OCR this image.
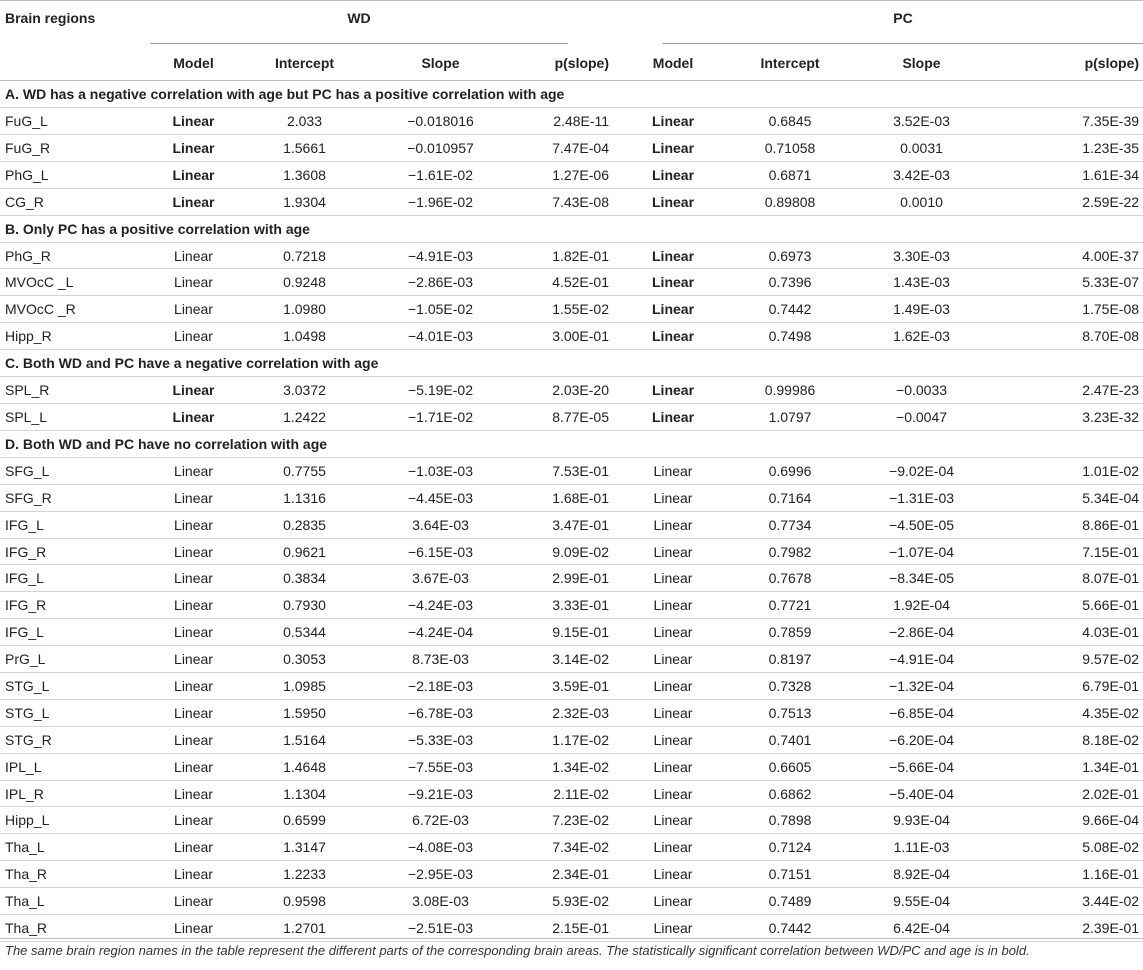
Brain regions	WD				PC			

	Model	Intercept	Slope	p(slope)	Model	Intercept	Slope	p(slope)
A. WD has a negative correlation with age but PC has a positive correlation with age								
FuG_L	Linear	2.033	−0.018016	2.48E-11	Linear	0.6845	3.52E-03	7.35E-39
FuG_R	Linear	1.5661	−0.010957	7.47E-04	Linear	0.71058	0.0031	1.23E-35
PhG_L	Linear	1.3608	−1.61E-02	1.27E-06	Linear	0.6871	3.42E-03	1.61E-34
CG_R	Linear	1.9304	−1.96E-02	7.43E-08	Linear	0.89808	0.0010	2.59E-22
B. Only PC has a positive correlation with age								
PhG_R	Linear	0.7218	−4.91E-03	1.82E-01	Linear	0.6973	3.30E-03	4.00E-37
MVOcC _L	Linear	0.9248	−2.86E-03	4.52E-01	Linear	0.7396	1.43E-03	5.33E-07
MVOcC _R	Linear	1.0980	−1.05E-02	1.55E-02	Linear	0.7442	1.49E-03	1.75E-08
Hipp_R	Linear	1.0498	−4.01E-03	3.00E-01	Linear	0.7498	1.62E-03	8.70E-08
C. Both WD and PC have a negative correlation with age								
SPL_R	Linear	3.0372	−5.19E-02	2.03E-20	Linear	0.99986	−0.0033	2.47E-23
SPL_L	Linear	1.2422	−1.71E-02	8.77E-05	Linear	1.0797	−0.0047	3.23E-32
D. Both WD and PC have no correlation with age								
SFG_L	Linear	0.7755	−1.03E-03	7.53E-01	Linear	0.6996	−9.02E-04	1.01E-02
SFG_R	Linear	1.1316	−4.45E-03	1.68E-01	Linear	0.7164	−1.31E-03	5.34E-04
IFG_L	Linear	0.2835	3.64E-03	3.47E-01	Linear	0.7734	−4.50E-05	8.86E-01
IFG_R	Linear	0.9621	−6.15E-03	9.09E-02	Linear	0.7982	−1.07E-04	7.15E-01
IFG_L	Linear	0.3834	3.67E-03	2.99E-01	Linear	0.7678	−8.34E-05	8.07E-01
IFG_R	Linear	0.7930	−4.24E-03	3.33E-01	Linear	0.7721	1.92E-04	5.66E-01
IFG_L	Linear	0.5344	−4.24E-04	9.15E-01	Linear	0.7859	−2.86E-04	4.03E-01
PrG_L	Linear	0.3053	8.73E-03	3.14E-02	Linear	0.8197	−4.91E-04	9.57E-02
STG_L	Linear	1.0985	−2.18E-03	3.59E-01	Linear	0.7328	−1.32E-04	6.79E-01
STG_L	Linear	1.5950	−6.78E-03	2.32E-03	Linear	0.7513	−6.85E-04	4.35E-02
STG_R	Linear	1.5164	−5.33E-03	1.17E-02	Linear	0.7401	−6.20E-04	8.18E-02
IPL_L	Linear	1.4648	−7.55E-03	1.34E-02	Linear	0.6605	−5.66E-04	1.34E-01
IPL_R	Linear	1.1304	−9.21E-03	2.11E-02	Linear	0.6862	−5.40E-04	2.02E-01
Hipp_L	Linear	0.6599	6.72E-03	7.23E-02	Linear	0.7898	9.93E-04	9.66E-04
Tha_L	Linear	1.3147	−4.08E-03	7.34E-02	Linear	0.7124	1.11E-03	5.08E-02
Tha_R	Linear	1.2233	−2.95E-03	2.34E-01	Linear	0.7151	8.92E-04	1.16E-01
Tha_L	Linear	0.9598	3.08E-03	5.93E-02	Linear	0.7489	9.55E-04	3.44E-02
Tha_R	Linear	1.2701	−2.51E-03	2.15E-01	Linear	0.7442	6.42E-04	2.39E-01
The same brain region names in the table represent the different parts of the corresponding brain areas. The statistically significant correlation between WD/PC and age is in bold.
